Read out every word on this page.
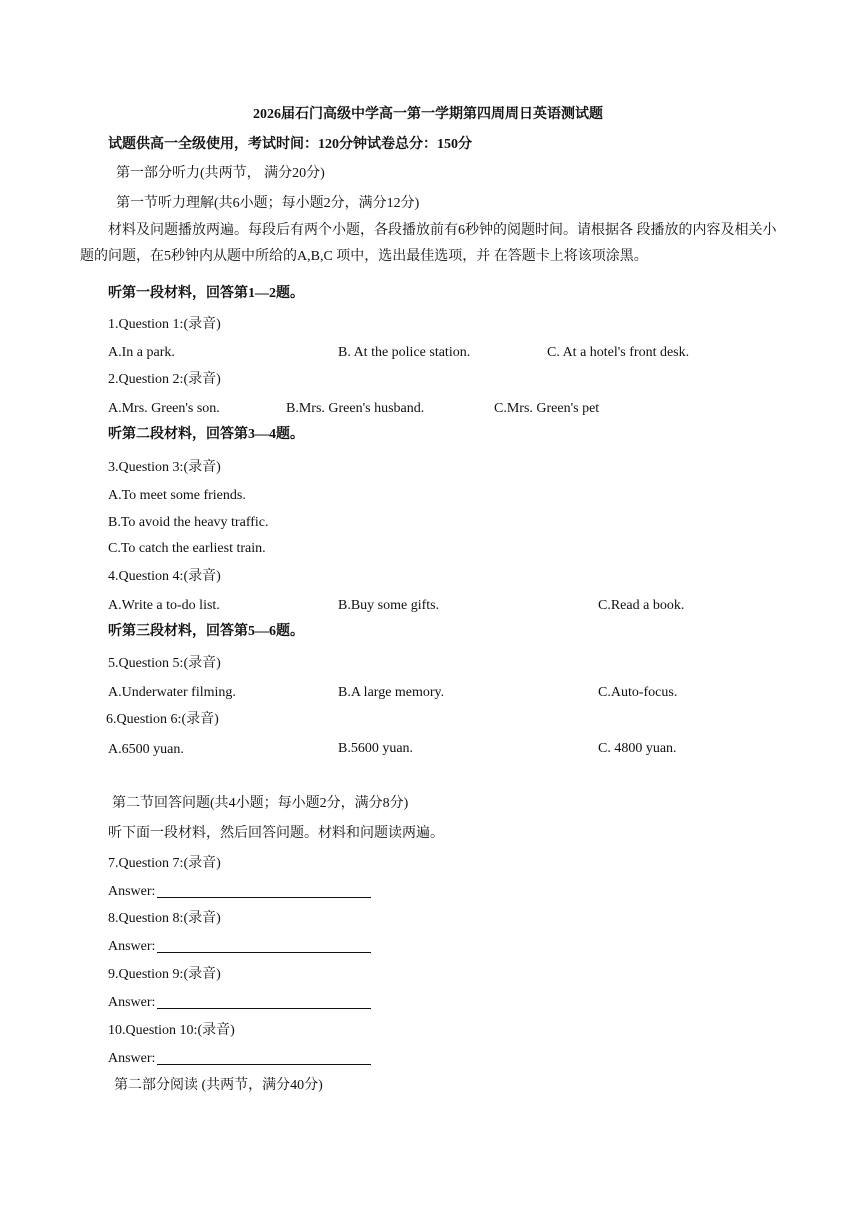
2026届石门高级中学高一第一学期第四周周日英语测试题
试题供高一全级使用，考试时间：120分钟试卷总分：150分
第一部分听力(共两节， 满分20分)
第一节听力理解(共6小题；每小题2分，满分12分)
材料及问题播放两遍。每段后有两个小题，各段播放前有6秒钟的阅题时间。请根据各 段播放的内容及相关小题的问题，在5秒钟内从题中所给的A,B,C 项中，选出最佳选项，并 在答题卡上将该项涂黑。
听第一段材料，回答第1—2题。
1.Question 1:(录音)
A.In a park.	B. At the police station.	C. At a hotel's front desk.
2.Question 2:(录音)
A.Mrs. Green's son.	B.Mrs. Green's husband.	C.Mrs. Green's pet
听第二段材料，回答第3—4题。
3.Question 3:(录音)
A.To meet some friends.
B.To avoid the heavy traffic.
C.To catch the earliest train.
4.Question 4:(录音)
A.Write a to-do list.	B.Buy some gifts.	C.Read a book.
听第三段材料，回答第5—6题。
5.Question 5:(录音)
A.Underwater filming.	B.A large memory.	C.Auto-focus.
6.Question 6:(录音)
A.6500 yuan.	B.5600 yuan.	C. 4800 yuan.
第二节回答问题(共4小题；每小题2分，满分8分)
听下面一段材料，然后回答问题。材料和问题读两遍。
7.Question 7:(录音)
Answer:
8.Question 8:(录音)
Answer:
9.Question 9:(录音)
Answer:
10.Question 10:(录音)
Answer:
第二部分阅读 (共两节，满分40分)
